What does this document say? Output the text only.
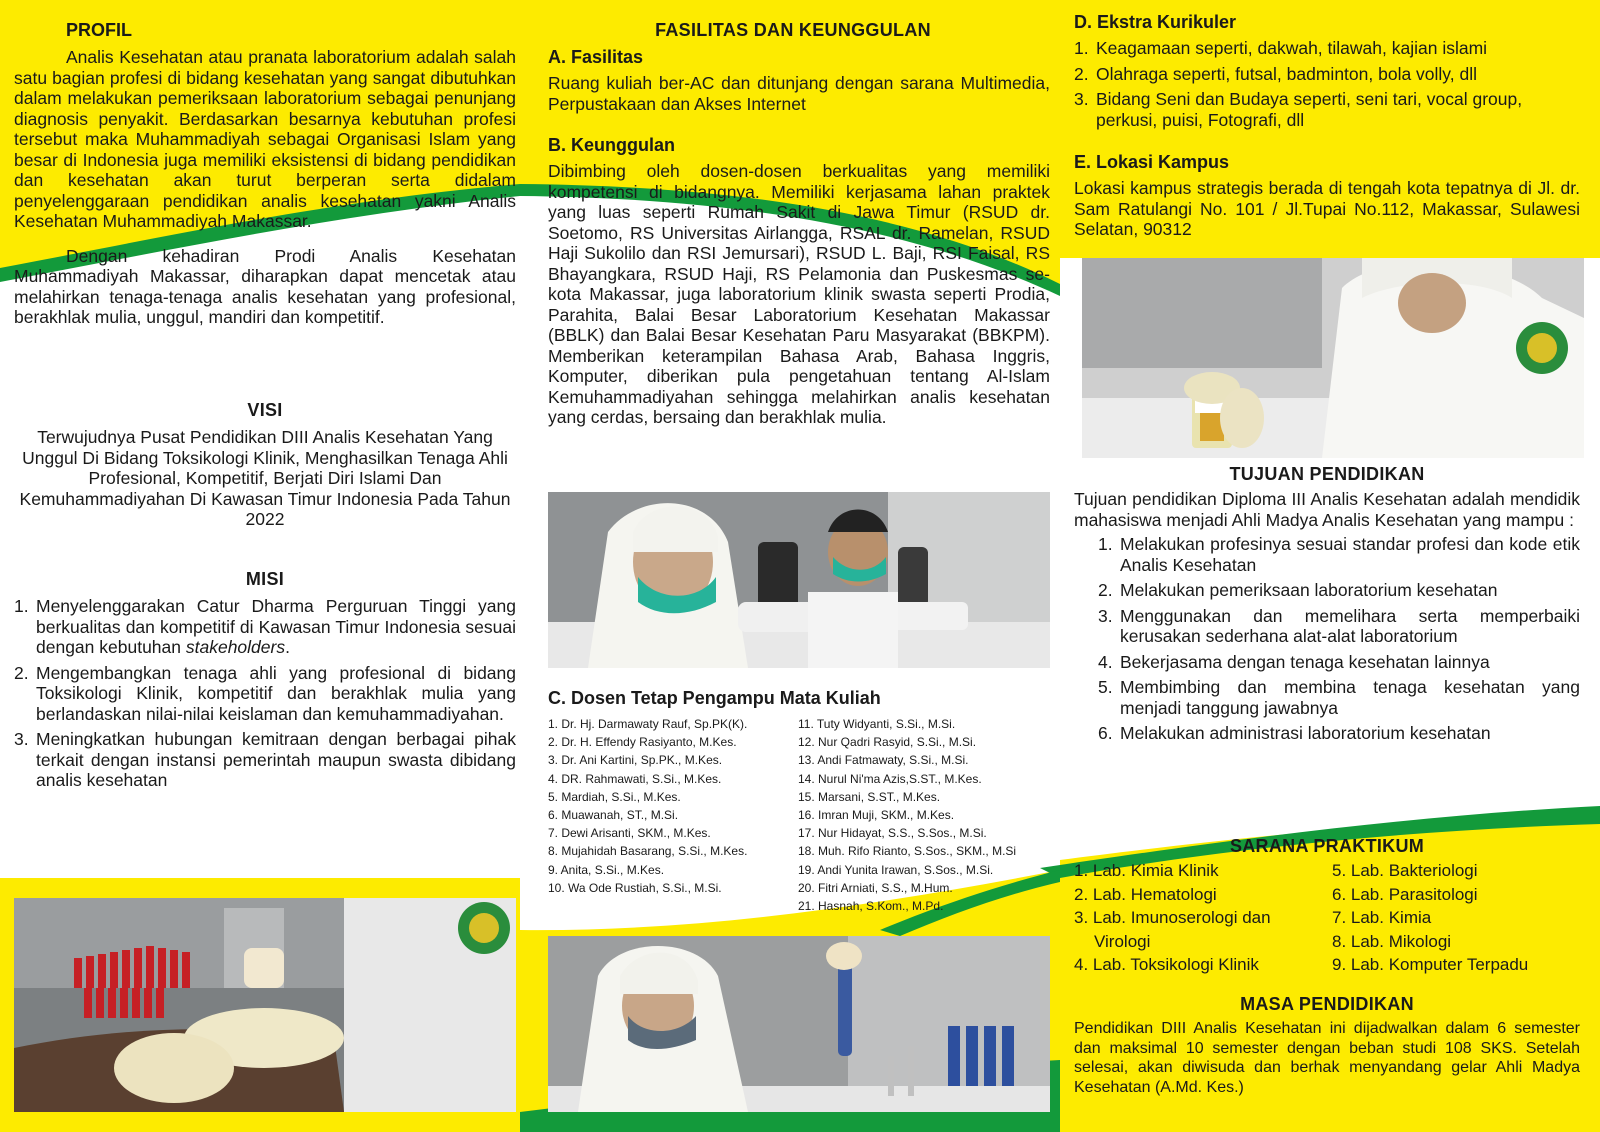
PROFIL

Analis Kesehatan atau pranata laboratorium adalah salah satu bagian profesi di bidang kesehatan yang sangat dibutuhkan dalam melakukan pemeriksaan laboratorium sebagai penunjang diagnosis penyakit. Berdasarkan besarnya kebutuhan profesi tersebut maka Muhammadiyah sebagai Organisasi Islam yang besar di Indonesia juga memiliki eksistensi di bidang pendidikan dan kesehatan akan turut berperan serta didalam penyelenggaraan pendidikan analis kesehatan yakni Analis Kesehatan Muhammadiyah Makassar.

Dengan kehadiran Prodi Analis Kesehatan Muhammadiyah Makassar, diharapkan dapat mencetak atau melahirkan tenaga-tenaga analis kesehatan yang profesional, berakhlak mulia, unggul, mandiri dan kompetitif.

VISI

Terwujudnya Pusat Pendidikan DIII Analis Kesehatan Yang Unggul Di Bidang Toksikologi Klinik, Menghasilkan Tenaga Ahli Profesional, Kompetitif, Berjati Diri Islami Dan Kemuhammadiyahan Di Kawasan Timur Indonesia Pada Tahun 2022

MISI
1. Menyelenggarakan Catur Dharma Perguruan Tinggi yang berkualitas dan kompetitif di Kawasan Timur Indonesia sesuai dengan kebutuhan stakeholders.
2. Mengembangkan tenaga ahli yang profesional di bidang Toksikologi Klinik, kompetitif dan berakhlak mulia yang berlandaskan nilai-nilai keislaman dan kemuhammadiyahan.
3. Meningkatkan hubungan kemitraan dengan berbagai pihak terkait dengan instansi pemerintah maupun swasta dibidang analis kesehatan
FASILITAS DAN KEUNGGULAN
A. Fasilitas

Ruang kuliah ber-AC dan ditunjang dengan sarana Multimedia, Perpustakaan dan Akses Internet

B. Keunggulan

Dibimbing oleh dosen-dosen berkualitas yang memiliki kompetensi di bidangnya. Memiliki kerjasama lahan praktek yang luas seperti Rumah Sakit di Jawa Timur (RSUD dr. Soetomo, RS Universitas Airlangga, RSAL dr. Ramelan, RSUD Haji Sukolilo dan RSI Jemursari), RSUD L. Baji, RSI Faisal, RS Bhayangkara, RSUD Haji, RS Pelamonia dan Puskesmas se-kota Makassar, juga laboratorium klinik swasta seperti Prodia, Parahita, Balai Besar Laboratorium Kesehatan Makassar (BBLK) dan Balai Besar Kesehatan Paru Masyarakat (BBKPM). Memberikan keterampilan Bahasa Arab, Bahasa Inggris, Komputer, diberikan pula pengetahuan tentang Al-Islam Kemuhammadiyahan sehingga melahirkan analis kesehatan yang cerdas, bersaing dan berakhlak mulia.

C. Dosen Tetap Pengampu Mata Kuliah
1. Dr. Hj. Darmawaty Rauf, Sp.PK(K).
2. Dr. H. Effendy Rasiyanto, M.Kes.
3. Dr. Ani Kartini, Sp.PK., M.Kes.
4. DR. Rahmawati, S.Si., M.Kes.
5. Mardiah, S.Si., M.Kes.
6. Muawanah, ST., M.Si.
7. Dewi Arisanti, SKM., M.Kes.
8. Mujahidah Basarang, S.Si., M.Kes.
9. Anita, S.Si., M.Kes.
10. Wa Ode Rustiah, S.Si., M.Si.
11. Tuty Widyanti, S.Si., M.Si.
12. Nur Qadri Rasyid, S.Si., M.Si.
13. Andi Fatmawaty, S.Si., M.Si.
14. Nurul Ni'ma Azis,S.ST., M.Kes.
15. Marsani, S.ST., M.Kes.
16. Imran Muji, SKM., M.Kes.
17. Nur Hidayat, S.S., S.Sos., M.Si.
18. Muh. Rifo Rianto, S.Sos., SKM., M.Si
19. Andi Yunita Irawan, S.Sos., M.Si.
20. Fitri Arniati, S.S., M.Hum.
21. Hasnah, S.Kom., M.Pd.
D. Ekstra Kurikuler
1. Keagamaan seperti, dakwah, tilawah, kajian islami
2. Olahraga seperti, futsal, badminton, bola volly, dll
3. Bidang Seni dan Budaya seperti, seni tari, vocal group, perkusi, puisi, Fotografi, dll
E. Lokasi Kampus

Lokasi kampus strategis berada di tengah kota tepatnya di Jl. dr. Sam Ratulangi No. 101 / Jl.Tupai No.112, Makassar, Sulawesi Selatan, 90312

TUJUAN PENDIDIKAN

Tujuan pendidikan Diploma III Analis Kesehatan adalah mendidik mahasiswa menjadi Ahli Madya Analis Kesehatan yang mampu :

1. Melakukan profesinya sesuai standar profesi dan kode etik Analis Kesehatan
2. Melakukan pemeriksaan laboratorium kesehatan
3. Menggunakan dan memelihara serta memperbaiki kerusakan sederhana alat-alat laboratorium
4. Bekerjasama dengan tenaga kesehatan lainnya
5. Membimbing dan membina tenaga kesehatan yang menjadi tanggung jawabnya
6. Melakukan administrasi laboratorium kesehatan
SARANA PRAKTIKUM
1. Lab. Kimia Klinik
2. Lab. Hematologi
3. Lab. Imunoserologi dan
Virologi
4. Lab. Toksikologi Klinik
5. Lab. Bakteriologi
6. Lab. Parasitologi
7. Lab. Kimia
8. Lab. Mikologi
9. Lab. Komputer Terpadu
MASA PENDIDIKAN

Pendidikan DIII Analis Kesehatan ini dijadwalkan dalam 6 semester dan maksimal 10 semester dengan beban studi 108 SKS. Setelah selesai, akan diwisuda dan berhak menyandang gelar Ahli Madya Kesehatan (A.Md. Kes.)
